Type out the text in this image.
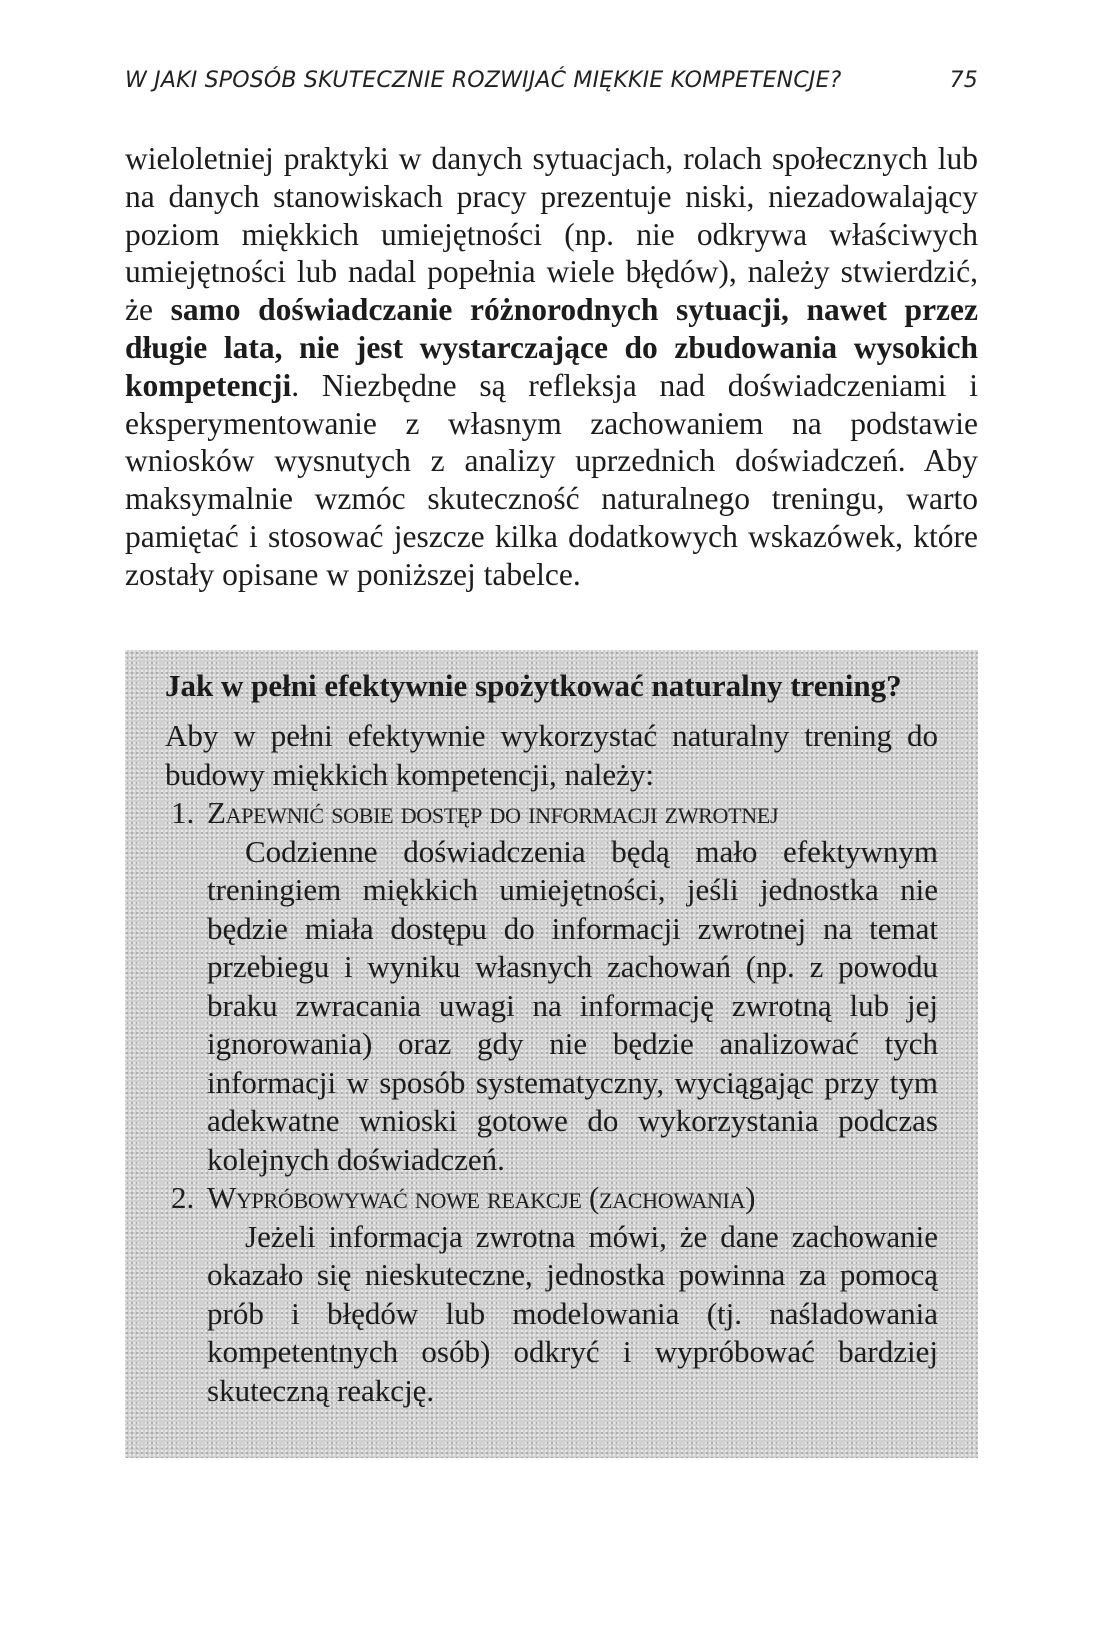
W JAKI SPOSÓB SKUTECZNIE ROZWIJAĆ MIĘKKIE KOMPETENCJE?	75

wieloletniej praktyki w danych sytuacjach, rolach społecznych lub na danych stanowiskach pracy prezentuje niski, niezadowalający poziom miękkich umiejętności (np. nie odkrywa właściwych umiejętności lub nadal popełnia wiele błędów), należy stwierdzić, że samo doświadczanie różnorodnych sytuacji, nawet przez długie lata, nie jest wystarczające do zbudowania wysokich kompetencji. Niezbędne są refleksja nad doświadczeniami i eksperymentowanie z własnym zachowaniem na podstawie wniosków wysnutych z analizy uprzednich doświadczeń. Aby maksymalnie wzmóc skuteczność naturalnego treningu, warto pamiętać i stosować jeszcze kilka dodatkowych wskazówek, które zostały opisane w poniższej tabelce.

Jak w pełni efektywnie spożytkować naturalny trening?

Aby w pełni efektywnie wykorzystać naturalny trening do budowy miękkich kompetencji, należy:

1. Zapewnić sobie dostęp do informacji zwrotnej

Codzienne doświadczenia będą mało efektywnym treningiem miękkich umiejętności, jeśli jednostka nie będzie miała dostępu do informacji zwrotnej na temat przebiegu i wyniku własnych zachowań (np. z powodu braku zwracania uwagi na informację zwrotną lub jej ignorowania) oraz gdy nie będzie analizować tych informacji w sposób systematyczny, wyciągając przy tym adekwatne wnioski gotowe do wykorzystania podczas kolejnych doświadczeń.

2. Wypróbowywać nowe reakcje (zachowania)

Jeżeli informacja zwrotna mówi, że dane zachowanie okazało się nieskuteczne, jednostka powinna za pomocą prób i błędów lub modelowania (tj. naśladowania kompetentnych osób) odkryć i wypróbować bardziej skuteczną reakcję.
